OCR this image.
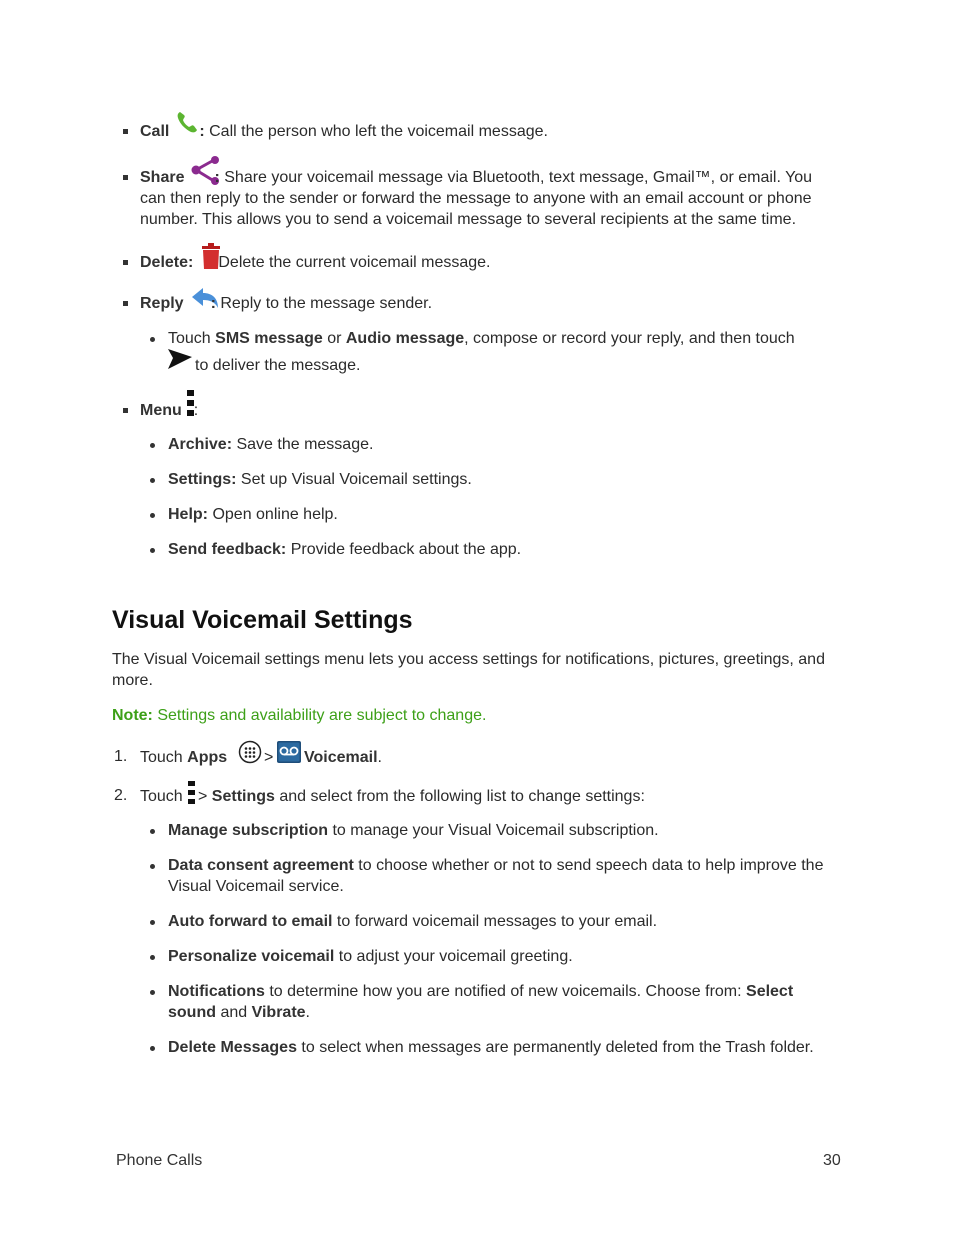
Call : Call the person who left the voicemail message.
Share : Share your voicemail message via Bluetooth, text message, Gmail™, or email. You can then reply to the sender or forward the message to anyone with an email account or phone number. This allows you to send a voicemail message to several recipients at the same time.
Delete: Delete the current voicemail message.
Reply : Reply to the message sender.
Touch SMS message or Audio message, compose or record your reply, and then touch
to deliver the message.
Menu :
Archive: Save the message.
Settings: Set up Visual Voicemail settings.
Help: Open online help.
Send feedback: Provide feedback about the app.
Visual Voicemail Settings
The Visual Voicemail settings menu lets you access settings for notifications, pictures, greetings, and more.
Note: Settings and availability are subject to change.
1. Touch Apps > Voicemail.
2. Touch > Settings and select from the following list to change settings:
Manage subscription to manage your Visual Voicemail subscription.
Data consent agreement to choose whether or not to send speech data to help improve the Visual Voicemail service.
Auto forward to email to forward voicemail messages to your email.
Personalize voicemail to adjust your voicemail greeting.
Notifications to determine how you are notified of new voicemails. Choose from: Select sound and Vibrate.
Delete Messages to select when messages are permanently deleted from the Trash folder.
Phone Calls	30
